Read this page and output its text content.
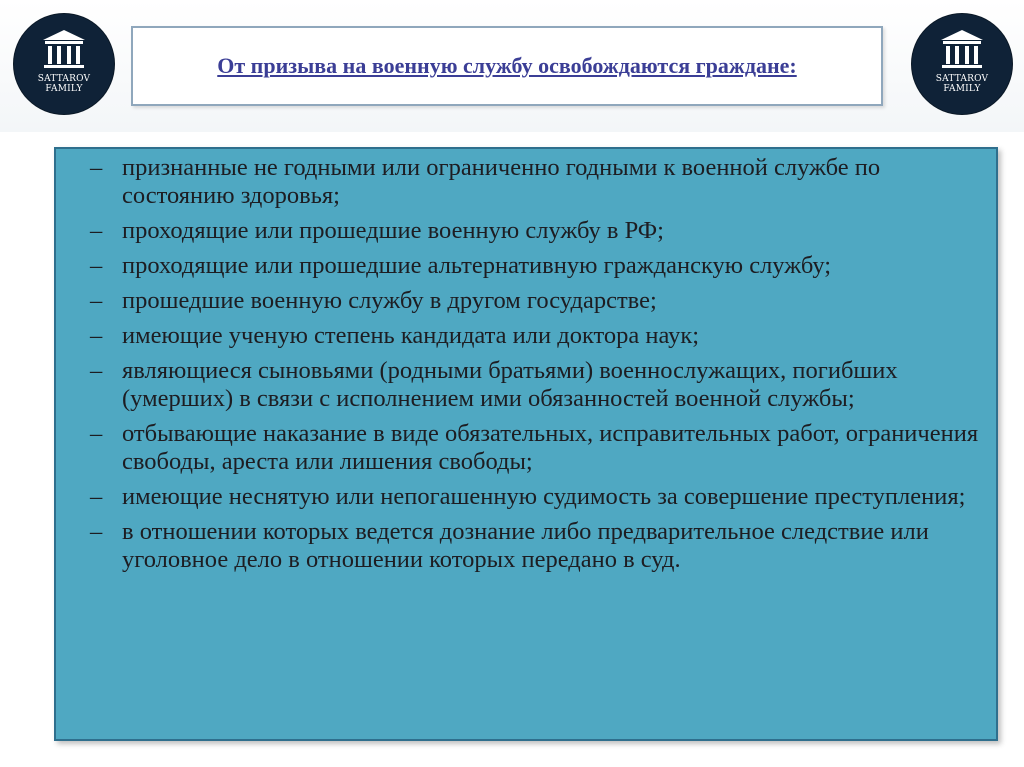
SATTAROV
FAMILY
SATTAROV
FAMILY
От призыва на военную службу освобождаются граждане:
– признанные не годными или ограниченно годными к военной службе по состоянию здоровья;
– проходящие или прошедшие военную службу в РФ;
– проходящие или прошедшие альтернативную гражданскую службу;
– прошедшие военную службу в другом государстве;
– имеющие ученую степень кандидата или доктора наук;
– являющиеся сыновьями (родными братьями) военнослужащих, погибших (умерших) в связи с исполнением ими обязанностей военной службы;
– отбывающие наказание в виде обязательных, исправительных работ, ограничения свободы, ареста или лишения свободы;
– имеющие неснятую или непогашенную судимость за совершение преступления;
– в отношении которых ведется дознание либо предварительное следствие или уголовное дело в отношении которых передано в суд.
